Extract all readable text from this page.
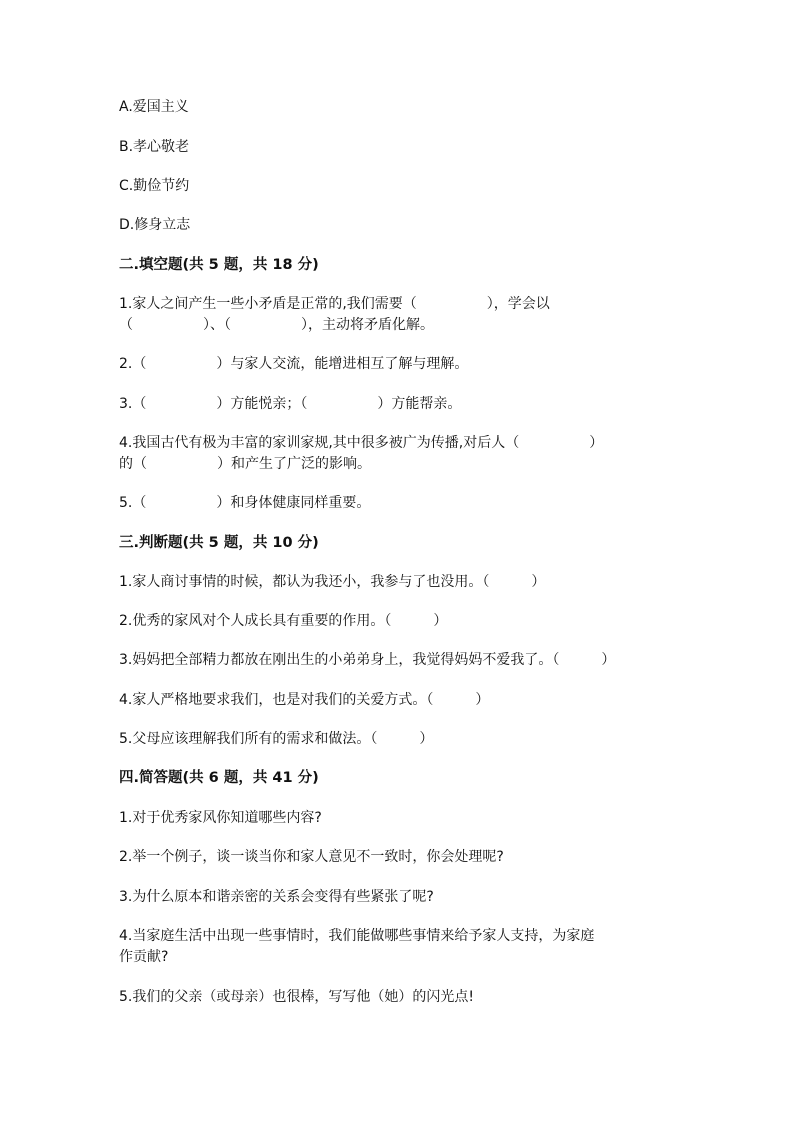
A.爱国主义
B.孝心敬老
C.勤俭节约
D.修身立志
二.填空题(共 5 题，共 18 分)
1.家人之间产生一些小矛盾是正常的,我们需要（　　　　　），学会以
（　　　　　）、（　　　　　），主动将矛盾化解。
2.（　　　　　）与家人交流，能增进相互了解与理解。
3.（　　　　　）方能悦亲；（　　　　　）方能帮亲。
4.我国古代有极为丰富的家训家规,其中很多被广为传播,对后人（　　　　　）
的（　　　　　）和产生了广泛的影响。
5.（　　　　　）和身体健康同样重要。
三.判断题(共 5 题，共 10 分)
1.家人商讨事情的时候，都认为我还小，我参与了也没用。（　　　）
2.优秀的家风对个人成长具有重要的作用。（　　　）
3.妈妈把全部精力都放在刚出生的小弟弟身上，我觉得妈妈不爱我了。（　　　）
4.家人严格地要求我们，也是对我们的关爱方式。（　　　）
5.父母应该理解我们所有的需求和做法。（　　　）
四.简答题(共 6 题，共 41 分)
1.对于优秀家风你知道哪些内容?
2.举一个例子，谈一谈当你和家人意见不一致时，你会处理呢?
3.为什么原本和谐亲密的关系会变得有些紧张了呢?
4.当家庭生活中出现一些事情时，我们能做哪些事情来给予家人支持，为家庭
作贡献?
5.我们的父亲（或母亲）也很棒，写写他（她）的闪光点!
